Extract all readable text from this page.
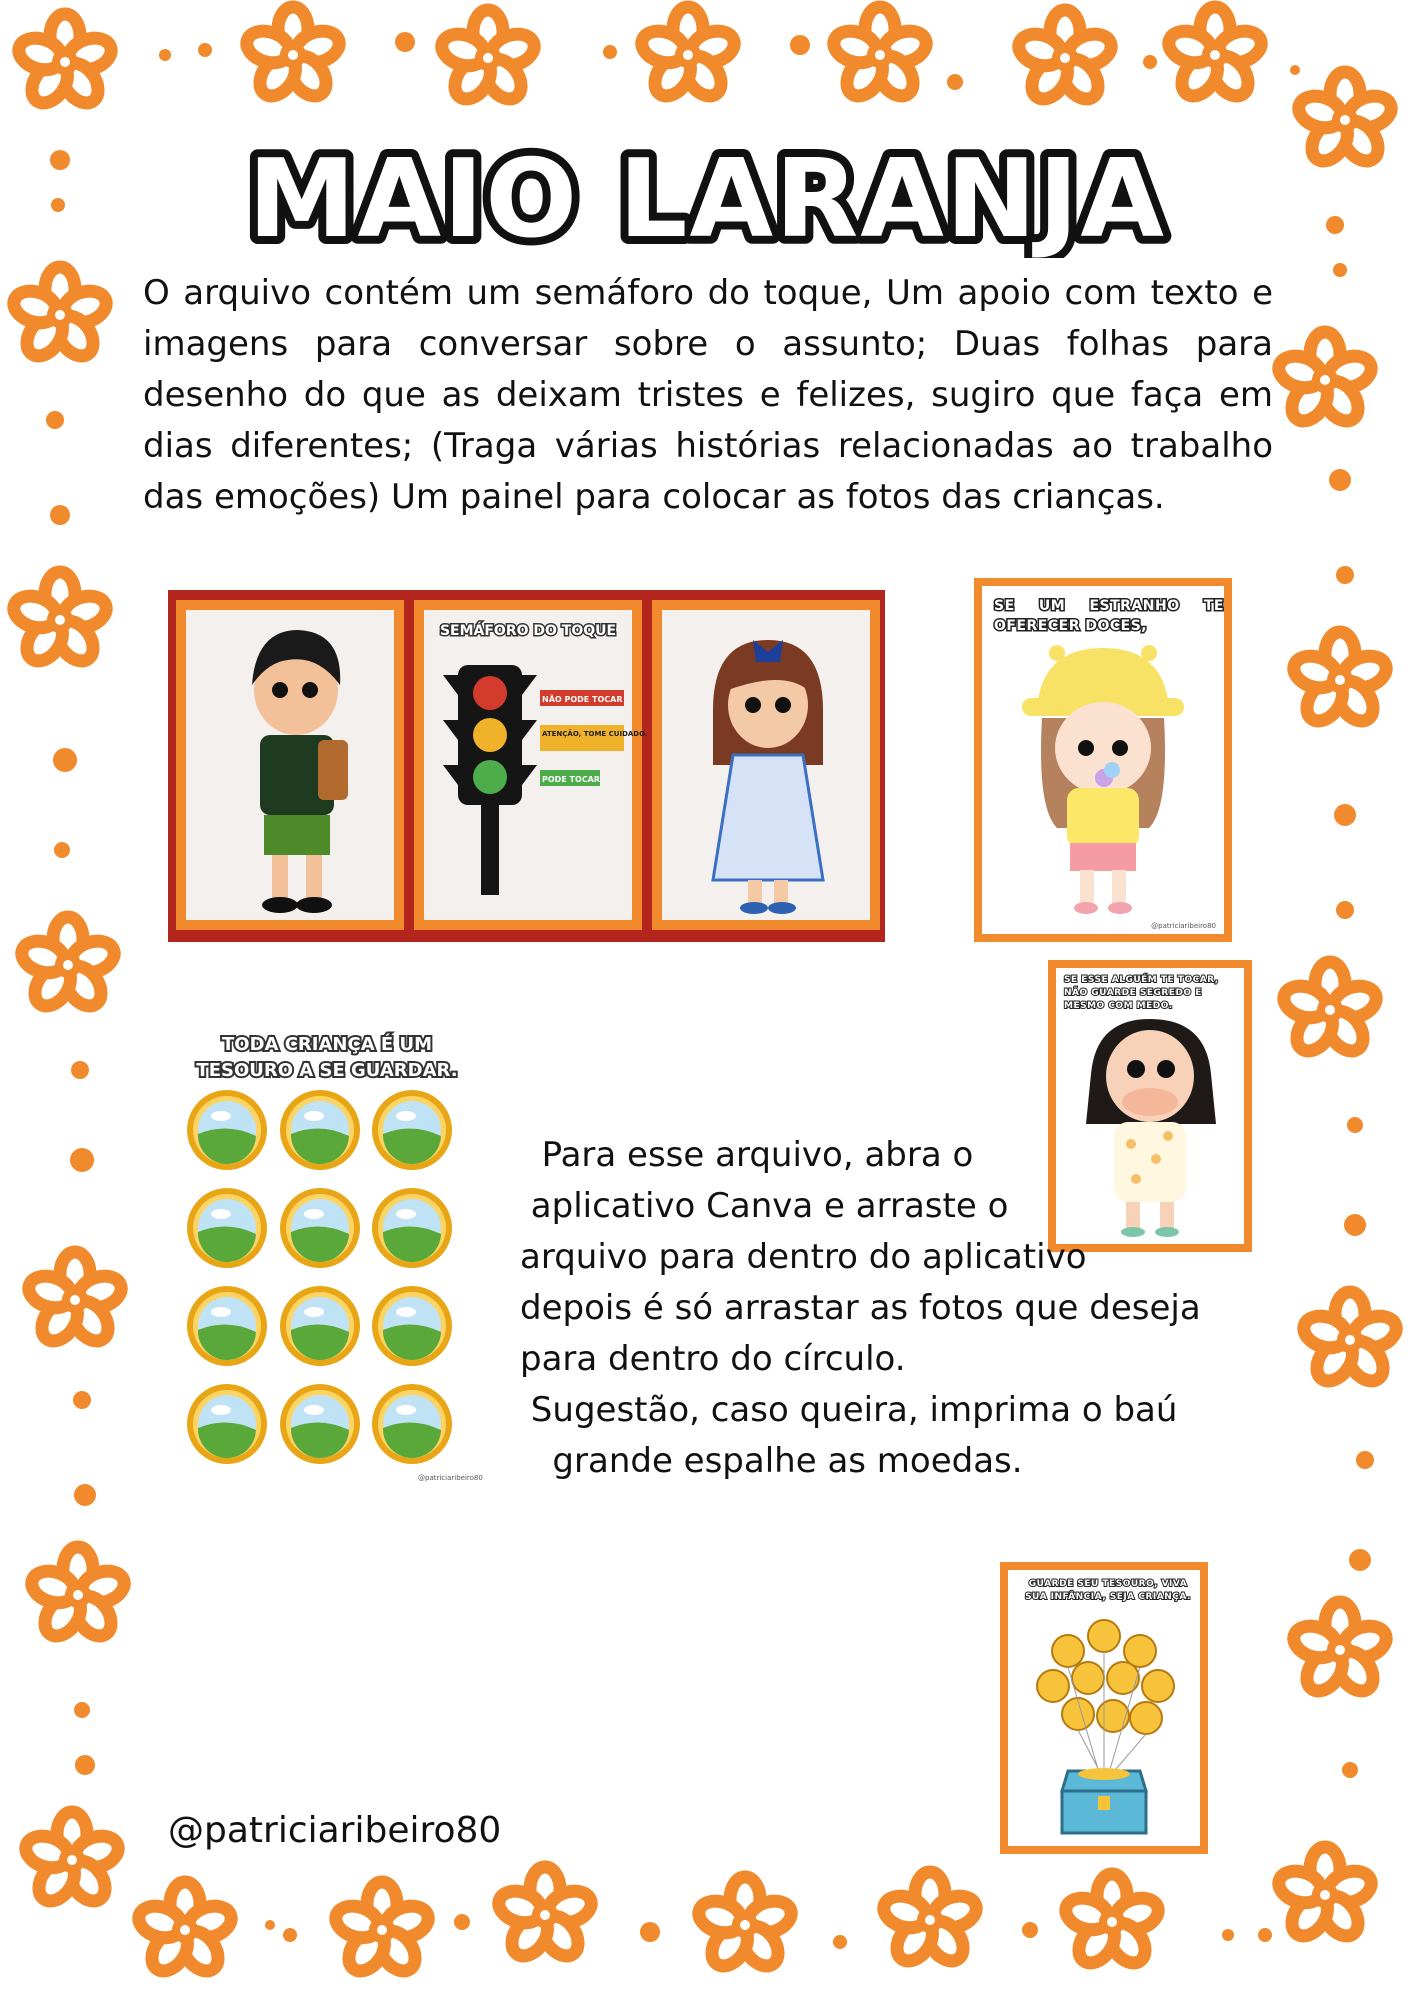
MAIO LARANJA
O arquivo contém um semáforo do toque, Um apoio com texto e imagens para conversar sobre o assunto; Duas folhas para desenho do que as deixam tristes e felizes, sugiro que faça em dias diferentes; (Traga várias histórias relacionadas ao trabalho das emoções) Um painel para colocar as fotos das crianças.
SEMÁFORO DO TOQUE
NÃO PODE TOCAR
ATENÇÃO, TOME CUIDADO.
PODE TOCAR
SE UM ESTRANHO TE OFERECER DOCES,
@patriciaribeiro80
SE ESSE ALGUÉM TE TOCAR, NÃO GUARDE SEGREDO E MESMO COM MEDO.
TODA CRIANÇA É UM TESOURO A SE GUARDAR.
@patriciaribeiro80
Para esse arquivo, abra o
aplicativo Canva e arraste o
arquivo para dentro do aplicativo
depois é só arrastar as fotos que deseja
para dentro do círculo.
Sugestão, caso queira, imprima o baú
grande espalhe as moedas.
GUARDE SEU TESOURO, VIVA SUA INFÂNCIA, SEJA CRIANÇA.
@patriciaribeiro80
